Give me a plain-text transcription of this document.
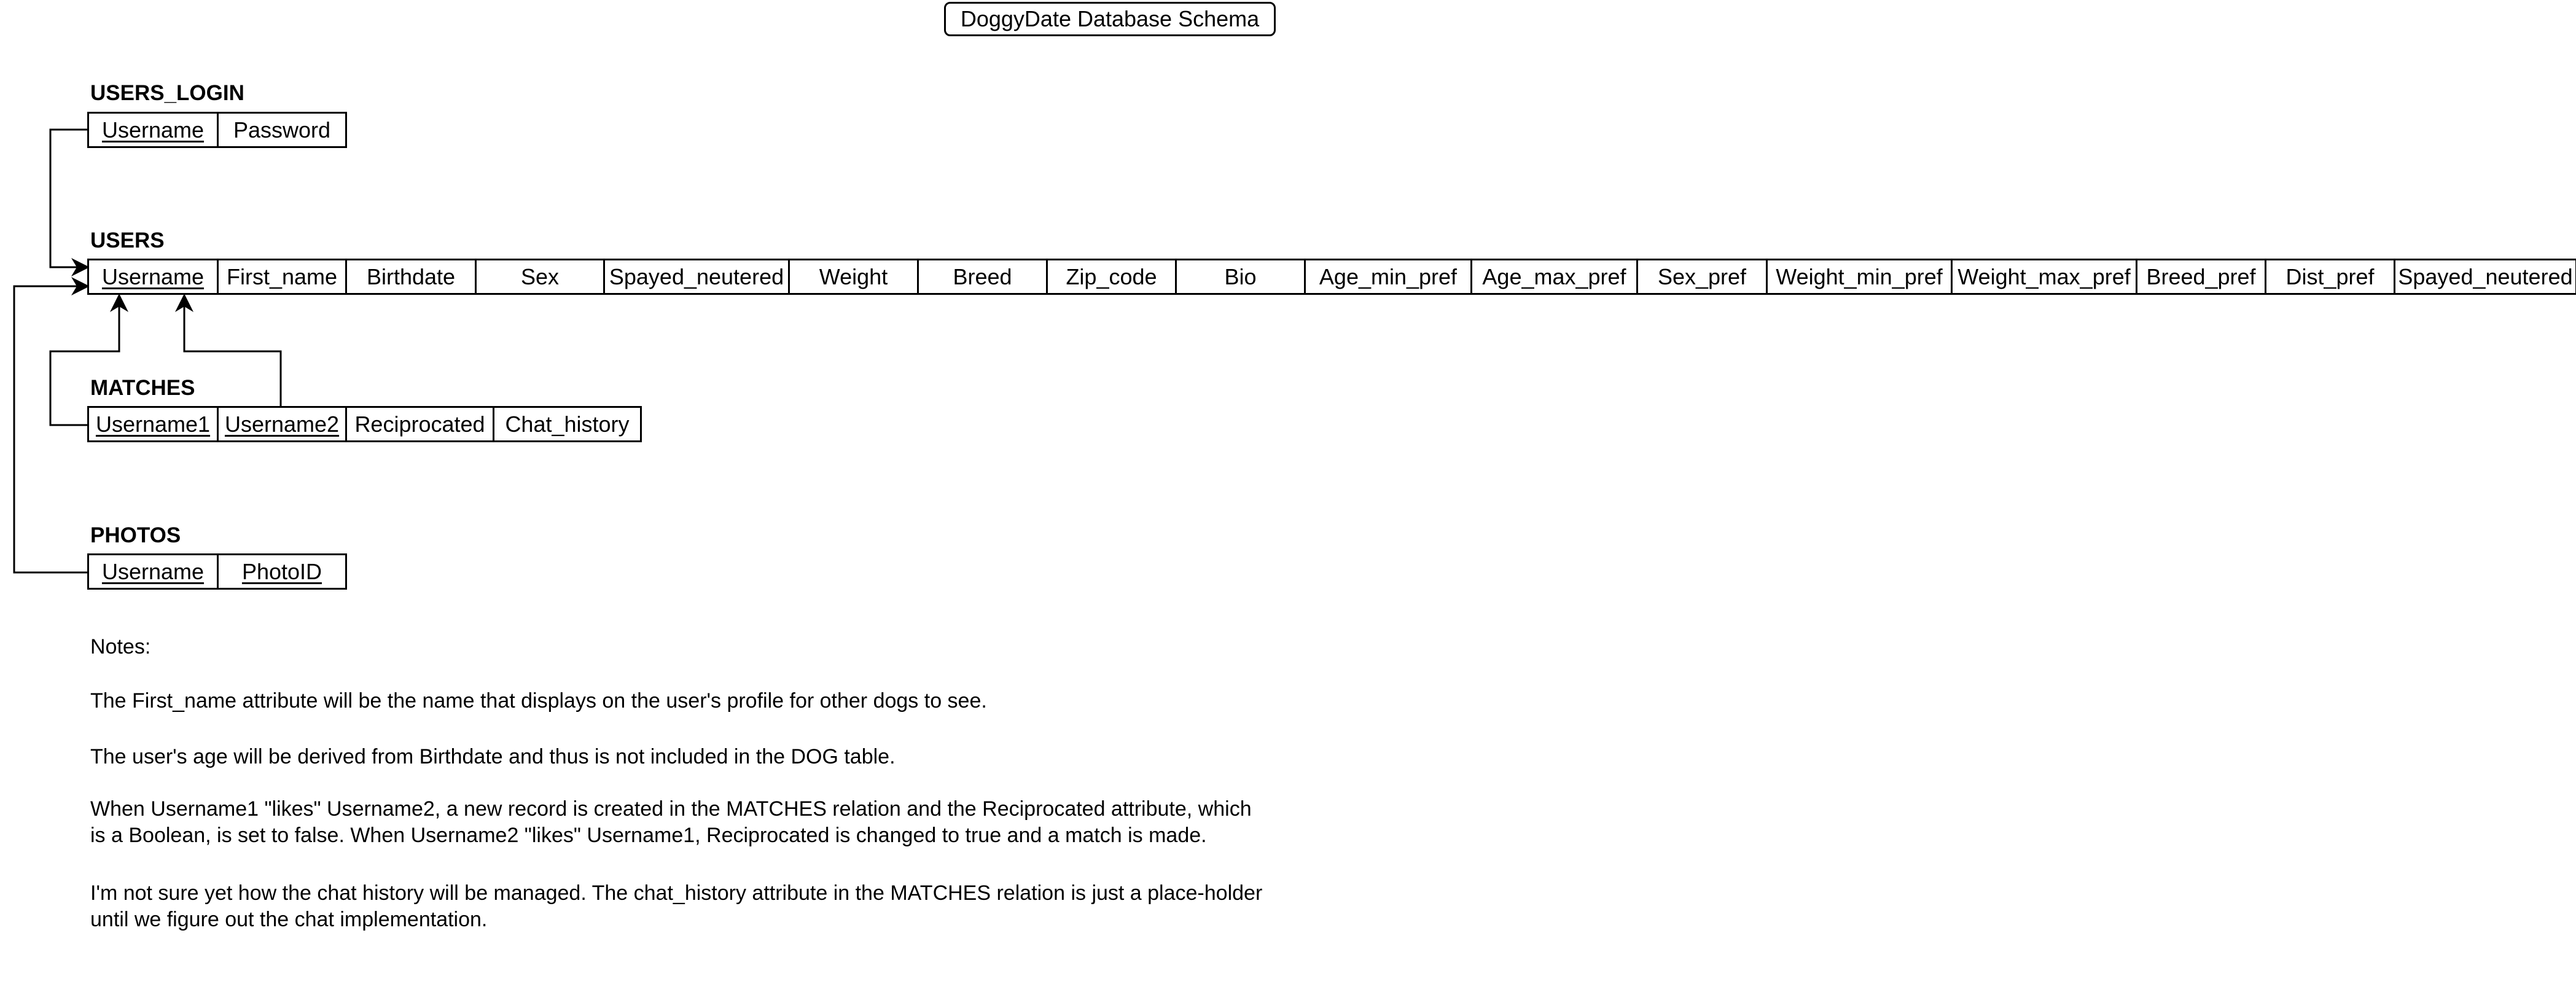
DoggyDate Database Schema
USERS_LOGIN
Username Password
USERS
Username First_name Birthdate	Sex Spayed_neutered Weight	Breed Zip_code	Bio	Age_min_pref Age_max_pref Sex_pref Weight_min_pref Weight_max_pref Breed_pref Dist_pref Spayed_neutered
MATCHES
Username1 Username2 Reciprocated Chat_history
PHOTOS
Username PhotoID
Notes:
The First_name attribute will be the name that displays on the user's profile for other dogs to see.
The user's age will be derived from Birthdate and thus is not included in the DOG table.
When Username1 "likes" Username2, a new record is created in the MATCHES relation and the Reciprocated attribute, which
is a Boolean, is set to false. When Username2 "likes" Username1, Reciprocated is changed to true and a match is made.
I'm not sure yet how the chat history will be managed. The chat_history attribute in the MATCHES relation is just a place-holder
until we figure out the chat implementation.
